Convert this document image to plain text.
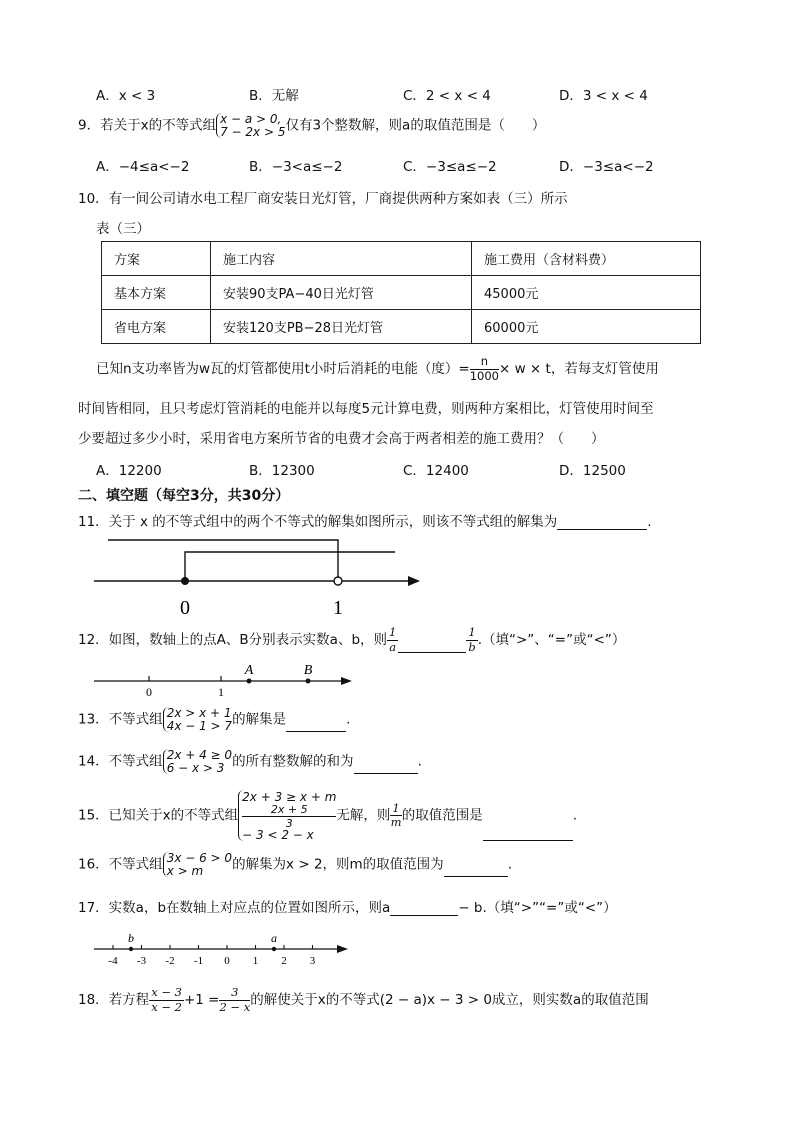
A．x < 3	B．无解	C．2 < x < 4	D．3 < x < 4
9．若关于x的不等式组 x − a > 0,
7 − 2x > 5 仅有3个整数解，则a的取值范围是（　　）
A．−4≤a<−2	B．−3<a≤−2	C．−3≤a≤−2	D．−3≤a<−2
10．有一间公司请水电工程厂商安装日光灯管，厂商提供两种方案如表（三）所示
表（三）
方案	施工内容	施工费用（含材料费）
基本方案	安装90支PA−40日光灯管	45000元
省电方案	安装120支PB−28日光灯管	60000元
已知n支功率皆为w瓦的灯管都使用t小时后消耗的电能（度）= $\frac{n}{1000} \times w \times t$，若每支灯管使用
时间皆相同，且只考虑灯管消耗的电能并以每度5元计算电费，则两种方案相比，灯管使用时间至
少要超过多少小时，采用省电方案所节省的电费才会高于两者相差的施工费用？（　　）
A．12200	B．12300	C．12400	D．12500
二、填空题（每空3分，共30分）
11．关于 x 的不等式组中的两个不等式的解集如图所示，则该不等式组的解集为	.
0	1
12．如图，数轴上的点A、B分别表示实数a、b，则 $\frac{1}{a}$	$\frac{1}{b}$ .（填“>”、“=”或“<”）
0	1
A	B
13．不等式组 2x > x + 1
4x − 1 > 7 的解集是	.
14．不等式组 2x + 4 ≥ 0
6 − x > 3 的所有整数解的和为	.
15．已知关于x的不等式组
2x + 3 ≥ x + m
2x + 5
3
− 3 < 2 − x
无解，则 $\frac{1}{m}$ 的取值范围是	.
16．不等式组 3x − 6 > 0
x > m	的解集为x > 2，则m的取值范围为	.
17．实数a，b在数轴上对应点的位置如图所示，则a	− b.（填“>”“=”或“<”）
-4 -3 -2 -1 0 1 2 3
b	a
18．若方程 $\frac{x - 3}{x - 2} +1 = \frac{3}{2 - x}$ 的解使关于x的不等式(2 − a)x − 3 > 0成立，则实数a的取值范围
